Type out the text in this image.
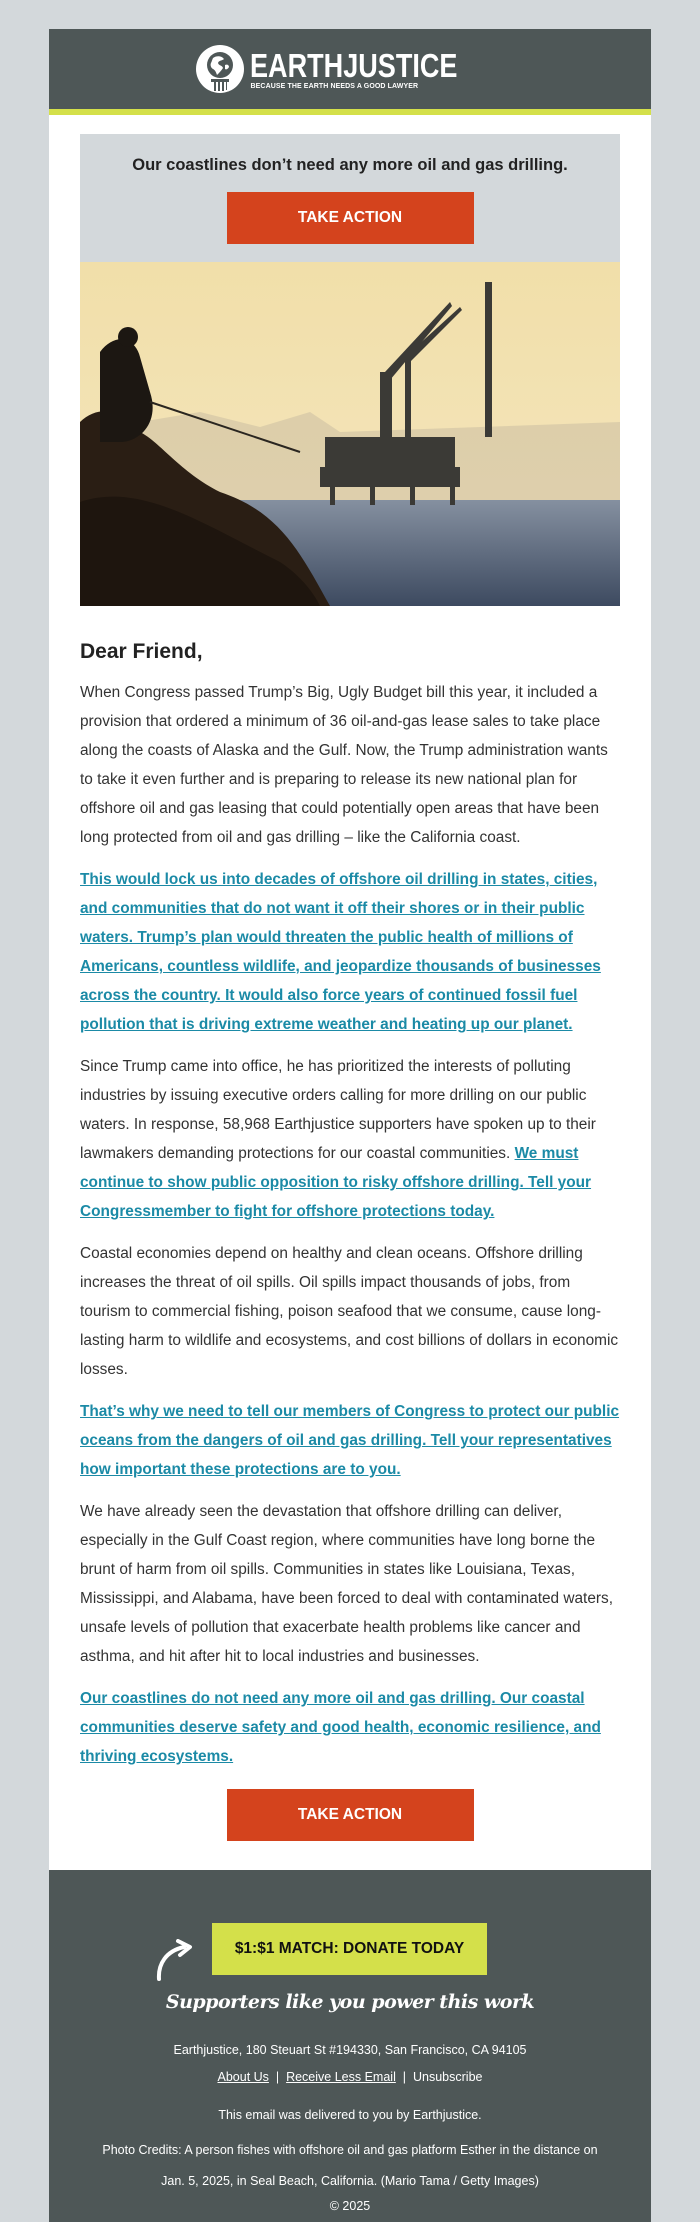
EARTHJUSTICE
BECAUSE THE EARTH NEEDS A GOOD LAWYER
Our coastlines don’t need any more oil and gas drilling.
TAKE ACTION
Dear Friend,

When Congress passed Trump’s Big, Ugly Budget bill this year, it included a provision that ordered a minimum of 36 oil-and-gas lease sales to take place along the coasts of Alaska and the Gulf. Now, the Trump administration wants to take it even further and is preparing to release its new national plan for offshore oil and gas leasing that could potentially open areas that have been long protected from oil and gas drilling – like the California coast.

This would lock us into decades of offshore oil drilling in states, cities, and communities that do not want it off their shores or in their public waters. Trump’s plan would threaten the public health of millions of Americans, countless wildlife, and jeopardize thousands of businesses across the country. It would also force years of continued fossil fuel pollution that is driving extreme weather and heating up our planet.

Since Trump came into office, he has prioritized the interests of polluting industries by issuing executive orders calling for more drilling on our public waters. In response, 58,968 Earthjustice supporters have spoken up to their lawmakers demanding protections for our coastal communities. We must continue to show public opposition to risky offshore drilling. Tell your Congressmember to fight for offshore protections today.

Coastal economies depend on healthy and clean oceans. Offshore drilling increases the threat of oil spills. Oil spills impact thousands of jobs, from tourism to commercial fishing, poison seafood that we consume, cause long-lasting harm to wildlife and ecosystems, and cost billions of dollars in economic losses.

That’s why we need to tell our members of Congress to protect our public oceans from the dangers of oil and gas drilling. Tell your representatives how important these protections are to you.

We have already seen the devastation that offshore drilling can deliver, especially in the Gulf Coast region, where communities have long borne the brunt of harm from oil spills. Communities in states like Louisiana, Texas, Mississippi, and Alabama, have been forced to deal with contaminated waters, unsafe levels of pollution that exacerbate health problems like cancer and asthma, and hit after hit to local industries and businesses.

Our coastlines do not need any more oil and gas drilling. Our coastal communities deserve safety and good health, economic resilience, and thriving ecosystems.

TAKE ACTION
$1:$1 MATCH: DONATE TODAY
Supporters like you power this work
Earthjustice, 180 Steuart St #194330, San Francisco, CA 94105
About Us | Receive Less Email | Unsubscribe
This email was delivered to you by Earthjustice.
Photo Credits: A person fishes with offshore oil and gas platform Esther in the distance on Jan. 5, 2025, in Seal Beach, California. (Mario Tama / Getty Images)
© 2025
